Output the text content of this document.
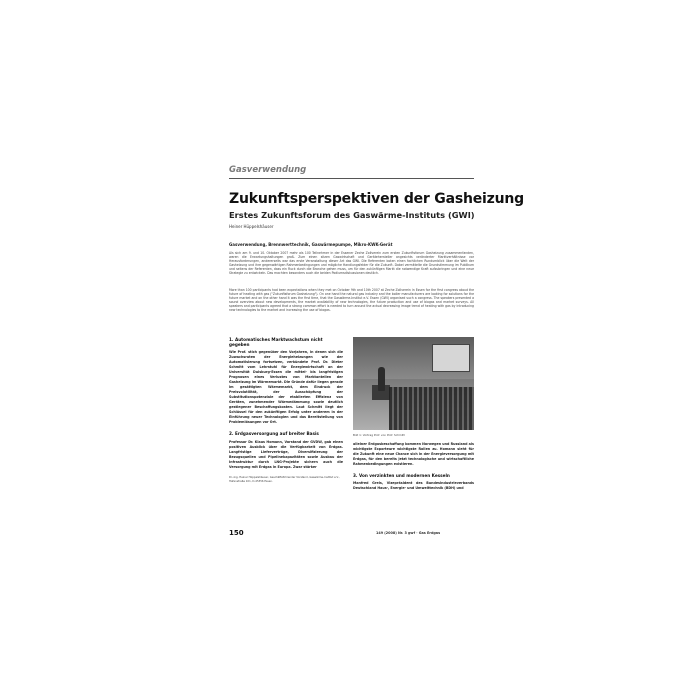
Gasverwendung
Zukunftsperspektiven der Gasheizung
Erstes Zukunftsforum des Gaswärme-Instituts (GWI)
Heiner Hüppelshäuser
Gasverwendung, Brennwerttechnik, Gaswärmepumpe, Mikro-KWK-Gerät
Als sich am 9. und 10. Oktober 2007 mehr als 100 Teilnehmer in der Essener Zeche Zollverein zum ersten Zukunftsforum Gasheizung zusammenfanden, waren die Erwartungshaltungen groß. Zum einen sitzen Gaswirtschaft und Gerätehersteller angesichts veränderter Marktverhältnisse vor Herausforderungen, andererseits war das erste Veranstaltung dieser Art das GWI. Die Referenten boten einen fachlichen Rundumblick über die Welt der Gasheizung und ihre gegenwärtigen Rahmenbedingungen und mögliche Handlungsfelder für die Zukunft. Dabei vermittelte die Grundstimmung im Publikum und seitens der Referenten, dass ein Ruck durch die Branche gehen muss, um für den zukünftigen Markt die notwendige Kraft aufzubringen und eine neue Strategie zu entwickeln. Das machten besonders auch die beiden Podiumsdiskussionen deutlich.
More than 100 participants had keen expectations when they met on October 9th and 10th 2007 at Zeche Zollverein in Essen for the first congress about the future of heating with gas ("Zukunftsforum Gasheizung"). On one hand the natural gas industry and the boiler manufacturers are looking for solutions for the future market and on the other hand it was the first time, that the Gaswärme-Institut e.V. Essen (GWI) organised such a congress. The speakers presented a sound overview about new developments, the market availability of new technologies, the future production and use of biogas and market surveys. All speakers and participants agreed that a strong common effort is needed to turn around the actual decreasing image trend of heating with gas by introducing new technologies to the market and increasing the use of biogas.
1. Automatisches Marktwachstum nicht gegeben
Wie Prof. stich gegenüber den Vorjahren, in denen sich die Zuwachsraten der Energieheizungen wie der Automatisierung fortsetzen, verkündete Prof. Dr. Dieter Schmitt vom Lehrstuhl für Energiewirtschaft an der Universität Duisburg-Essen die mittel- bis langfristigen Prognosen eines Verlustes von Marktanteilen der Gasheizung im Wärmemarkt. Die Gründe dafür liegen gerade im gesättigten Wärmemarkt, dem Eindruck der Preisvolatilität, der Ausschöpfung der Substitutionspotenziale der etablierten Effizienz von Geräten, zunehmender Wärmedämmung sowie deutlich gestiegener Beschaffungskosten. Laut Schmitt liegt der Schlüssel für den zukünftigen Erfolg unter anderem in der Einführung neuer Technologien und das Bereitstellung von Problemlösungen vor Ort.
2. Erdgasversorgung auf breiter Basis
Professor Dr. Klaus Homann, Vorstand der GVDW, gab einen positiven Ausblick über die Verfügbarkeit von Erdgas. Langfristige Lieferverträge, Diversifizierung der Bezugsquellen und Pipelinekapazitäten sowie Ausbau der Infrastruktur durch LNG-Projekte sichern auch die Versorgung mit Erdgas in Europa. Zwar stärker
Dr.-Ing. Heiner Hüppelshäuser, Geschäftsführender Vorstand, Gaswärme-Institut e.V., Hafenstraße 101, D-45356 Essen.
Bild 1: Vortrag Prof. von Prof. Schmitt
alleiner Erdgasbeschaffung kommen Norwegen und Russland als wichtigste Exporteure wichtigste Rollen zu. Homann sieht für die Zukunft eine neue Chance sich in der Energieversorgung mit Erdgas, für den bereits jetzt technologische und wirtschaftliche Rahmenbedingungen existieren.
3. Von verzinkten und modernen Kesseln
Manfred Greis, Vizepräsident des Bundesindustrieverbands Deutschland Haus-, Energie- und Umwelttechnik (BDH) und
150	149 (2008) Nr. 3 gwf · Gas Erdgas
